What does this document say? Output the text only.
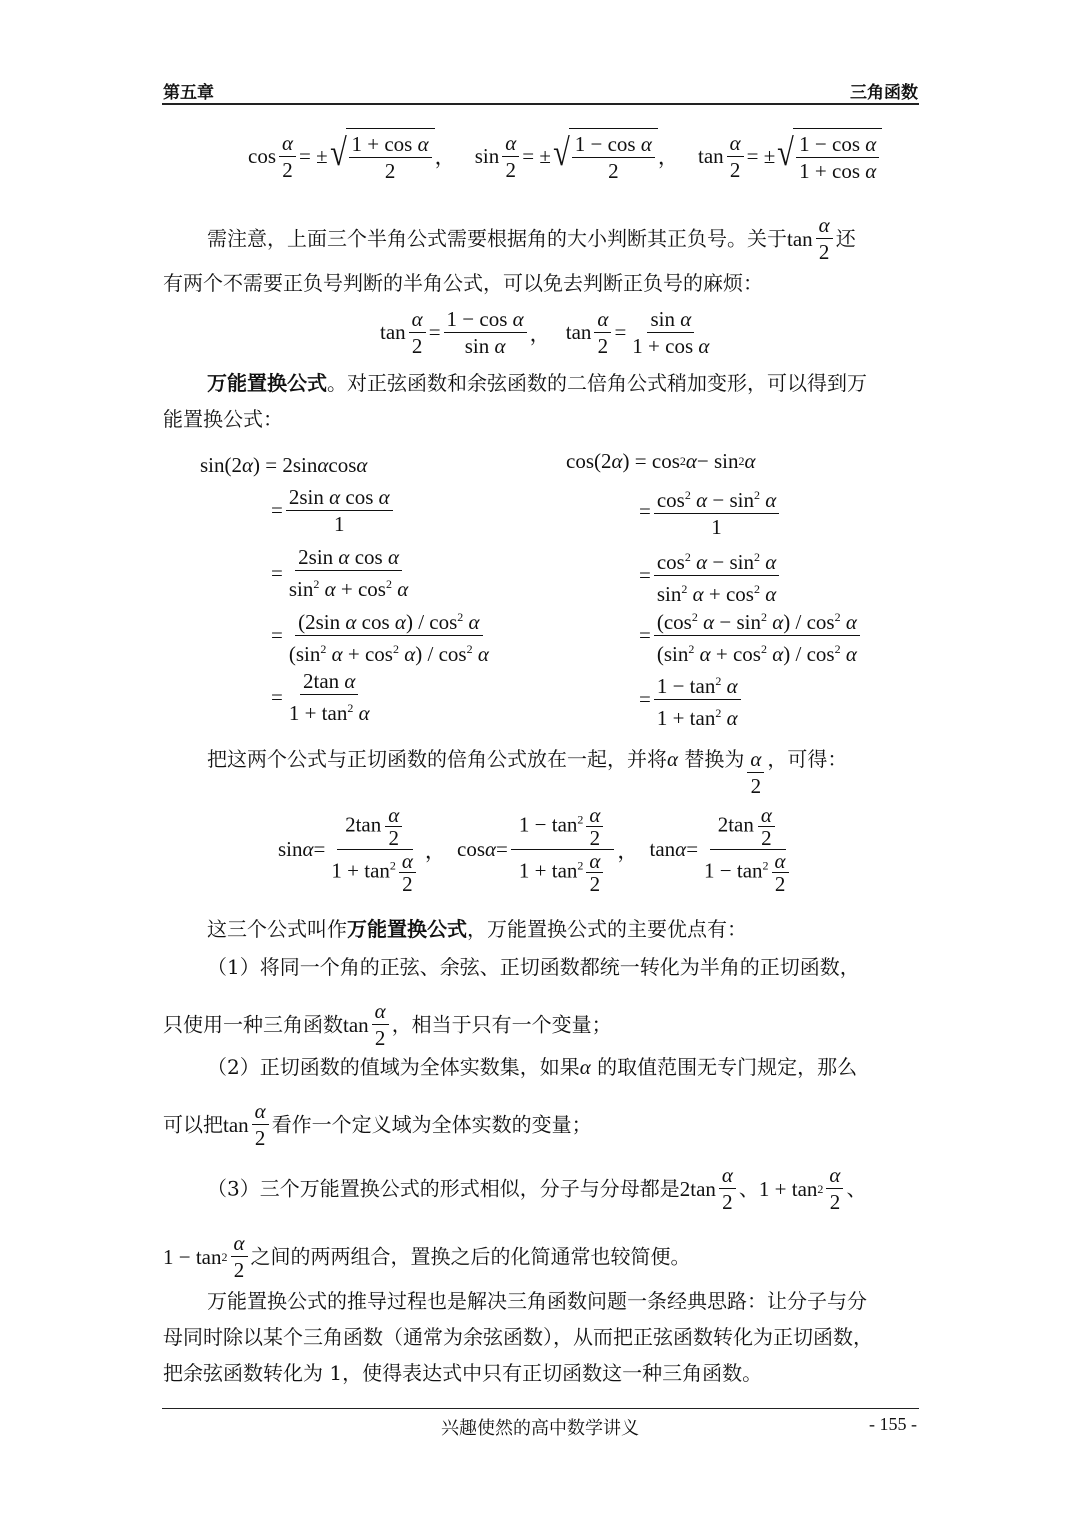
第五章	三角函数
$\cos \frac{\alpha}{2}$ = ± √ $\frac{\text{1 + cos α}}{2}$ ， $\sin \frac{\alpha}{2}$ = ± √ $\frac{\text{1 − cos α}}{2}$ ， $\tan \frac{\alpha}{2}$ = ± √ $\frac{\text{1 − cos α}}{\text{1 + cos α}}$
需注意，上面三个半角公式需要根据角的大小判断其正负号。关于$\tan \frac{\alpha}{2}$ 还
有两个不需要正负号判断的半角公式，可以免去判断正负号的麻烦：
$\tan \frac{\alpha}{2} = \frac{\text{1 − cos α}}{\text{sin α}}$ ， $\tan \frac{\alpha}{2} = \frac{\text{sin α}}{\text{1 + cos α}}$
万能置换公式。对正弦函数和余弦函数的二倍角公式稍加变形，可以得到万
能置换公式：
sin(2 α ) = 2sin α cos α
= $\frac{\text{2sin α cos α}}{1}$
= $\frac{\text{2sin α cos α}}{\sin^2 \alpha + \cos^2 \alpha}$
= $\frac{(2\sin \alpha \cos \alpha) / \cos^2 \alpha}{(\sin^2 \alpha + \cos^2 \alpha) / \cos^2 \alpha}$
= $\frac{\text{2tan α}}{1 + \tan^2 \alpha}$
cos(2 α ) = cos 2 α − sin 2 α
= $\frac{\cos^2 \alpha - \sin^2 \alpha}{1}$
= $\frac{\cos^2 \alpha - \sin^2 \alpha}{\sin^2 \alpha + \cos^2 \alpha}$
= $\frac{(\cos^2 \alpha - \sin^2 \alpha) / \cos^2 \alpha}{(\sin^2 \alpha + \cos^2 \alpha) / \cos^2 \alpha}$
= $\frac{1 - \tan^2 \alpha}{1 + \tan^2 \alpha}$
把这两个公式与正切函数的倍角公式放在一起，并将 α 替换为 $\frac{\alpha}{2}$ ，可得：
$\sin \alpha = \frac{2\tan \frac{\alpha}{2}}{1 + \tan^2 \frac{\alpha}{2}}$ ， $\cos \alpha = \frac{1 - \tan^2 \frac{\alpha}{2}}{1 + \tan^2 \frac{\alpha}{2}}$ ， $\tan \alpha = \frac{2\tan \frac{\alpha}{2}}{1 - \tan^2 \frac{\alpha}{2}}$
这三个公式叫作万能置换公式，万能置换公式的主要优点有：
（1）将同一个角的正弦、余弦、正切函数都统一转化为半角的正切函数，
只使用一种三角函数$\tan \frac{\alpha}{2}$ ，相当于只有一个变量；
（2）正切函数的值域为全体实数集，如果 α 的取值范围无专门规定，那么
可以把$\tan \frac{\alpha}{2}$ 看作一个定义域为全体实数的变量；
（3）三个万能置换公式的形式相似，分子与分母都是$2\tan \frac{\alpha}{2}$ 、$1 + \tan 2 \frac{\alpha}{2}$ 、
$1 - \tan 2 \frac{\alpha}{2}$ 之间的两两组合，置换之后的化简通常也较简便。
万能置换公式的推导过程也是解决三角函数问题一条经典思路：让分子与分
母同时除以某个三角函数（通常为余弦函数），从而把正弦函数转化为正切函数，
把余弦函数转化为 1，使得表达式中只有正切函数这一种三角函数。
兴趣使然的高中数学讲义	- 155 -
